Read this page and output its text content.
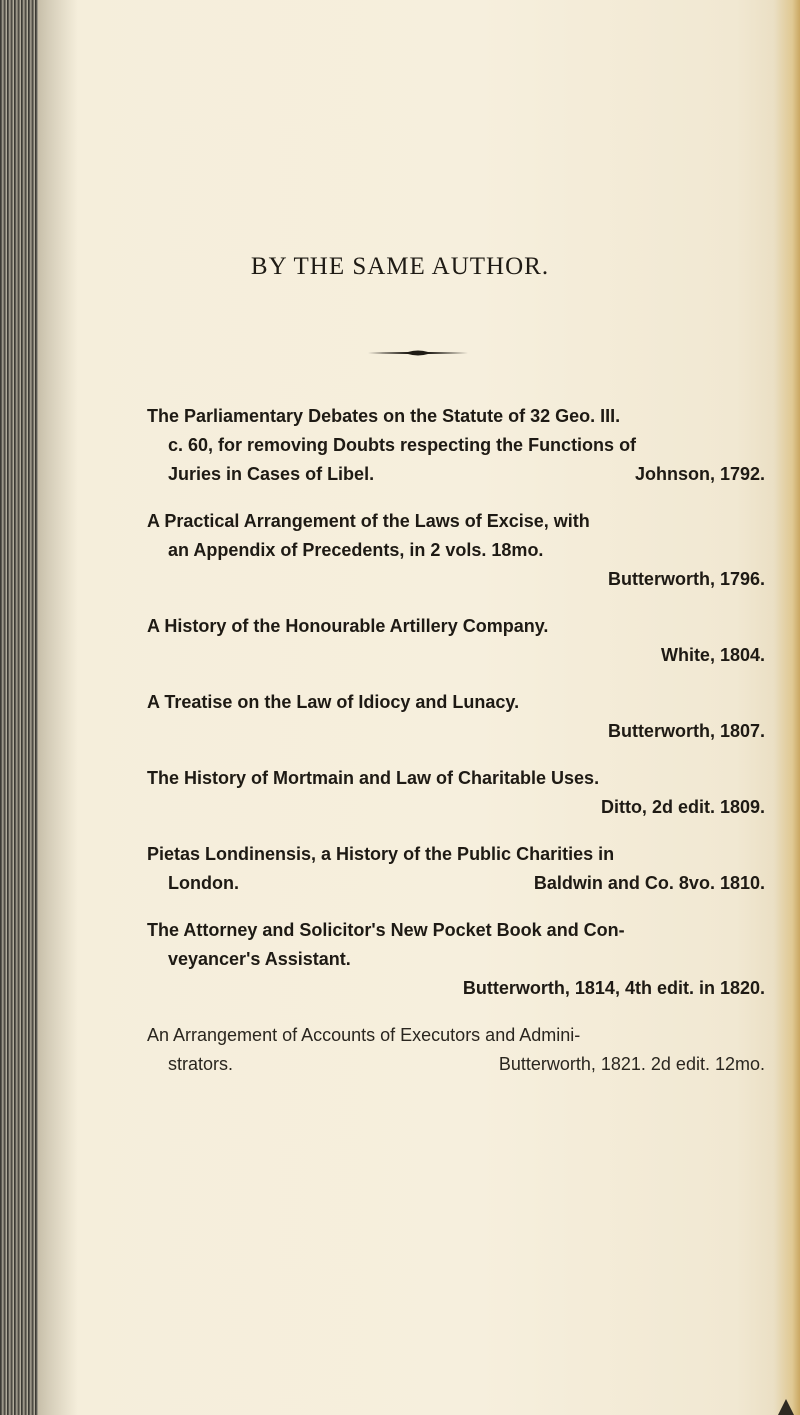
BY THE SAME AUTHOR.
The Parliamentary Debates on the Statute of 32 Geo. III.
c. 60, for removing Doubts respecting the Functions of
Juries in Cases of Libel.	Johnson, 1792.
A Practical Arrangement of the Laws of Excise, with
an Appendix of Precedents, in 2 vols. 18mo.
Butterworth, 1796.
A History of the Honourable Artillery Company.
White, 1804.
A Treatise on the Law of Idiocy and Lunacy.
Butterworth, 1807.
The History of Mortmain and Law of Charitable Uses.
Ditto, 2d edit. 1809.
Pietas Londinensis, a History of the Public Charities in
London.	Baldwin and Co. 8vo. 1810.
The Attorney and Solicitor's New Pocket Book and Con-
veyancer's Assistant.
Butterworth, 1814, 4th edit. in 1820.
An Arrangement of Accounts of Executors and Admini-
strators.	Butterworth, 1821. 2d edit. 12mo.
